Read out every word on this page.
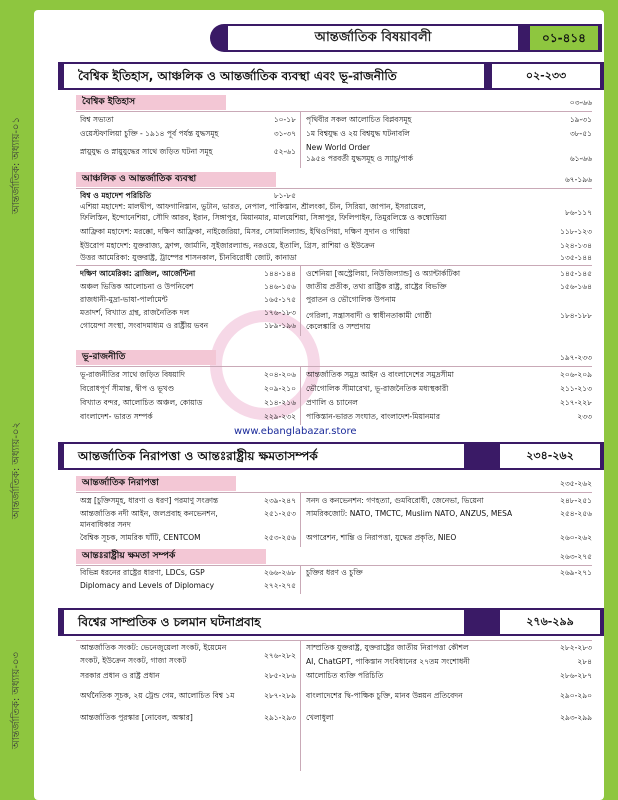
আন্তর্জাতিক: অধ্যায়-০১
আন্তর্জাতিক: অধ্যায়-০২
আন্তর্জাতিক: অধ্যায়-০৩
আন্তর্জাতিক বিষয়াবলী	০১-৪১৪
www.ebanglabazar.store
বৈশ্বিক ইতিহাস, আঞ্চলিক ও আন্তর্জাতিক ব্যবস্থা এবং ভূ-রাজনীতি	০২-২৩৩
বৈশ্বিক ইতিহাস	০৩-৬৬
বিশ্ব সভ্যতা	১০-১৮
ওয়েস্টফালিয়া চুক্তি - ১৯১৪ পূর্ব পর্যন্ত যুদ্ধসমূহ	৩১-৩৭
স্নায়ুযুদ্ধ ও স্নায়ুযুদ্ধের সাথে জড়িত ঘটনা সমূহ	৫২-৬১
পৃথিবীর সকল আলোচিত বিপ্লবসমূহ	১৯-৩১
১ম বিশ্বযুদ্ধ ও ২য় বিশ্বযুদ্ধ ঘটনাবলি	৩৮-৫১
New World Order
১৯৫৪ পরবর্তী যুদ্ধসমূহ ও স্যাচু/পার্ক	৬১-৬৬
আঞ্চলিক ও আন্তর্জাতিক ব্যবস্থা	৬৭-১৯৬
বিশ্ব ও মহাদেশ পরিচিতি	৮১-৮৫
এশিয়া মহাদেশ: মালদ্বীপ, আফগানিস্তান, ভুটান, ভারত, নেপাল, পাকিস্তান, শ্রীলংকা, চীন, সিরিয়া, জাপান, ইসরায়েল,
ফিলিস্তিন, ইন্দোনেশিয়া, সৌদি আরব, ইরান, সিঙ্গাপুর, মিয়ানমার, মালয়েশিয়া, সিঙ্গাপুর, ফিলিপাইন, তিমুরলিস্তে ও কম্বোডিয়া
৮৬-১১৭
আফ্রিকা মহাদেশ: মরক্কো, দক্ষিণ আফ্রিকা, নাইজেরিয়া, মিসর, সোমালিল্যান্ড, ইথিওপিয়া, দক্ষিণ সুদান ও গাম্বিয়া	১১৮-১২৩
ইউরোপ মহাদেশ: যুক্তরাজ্য, ফ্রান্স, জার্মানি, সুইজারল্যান্ড, নরওয়ে, ইতালি, গ্রিস, রাশিয়া ও ইউক্রেন	১২৪-১৩৪
উত্তর আমেরিকা: যুক্তরাষ্ট্র, ট্রাম্পের শাসনকাল, চীনবিরোধী জোট, কানাডা	১৩৫-১৪৪
দক্ষিণ আমেরিকা: ব্রাজিল, আর্জেন্টিনা	১৪৪-১৪৪
অঞ্চল ভিত্তিক আলোচনা ও উপনিবেশ	১৪৬-১৫৬
রাজধানী-মুদ্রা-ভাষা-পার্লামেন্ট	১৬৫-১৭৫
মতাদর্শ, বিখ্যাত গ্রন্থ, রাজনৈতিক দল	১৭৬-১৮৩
গোয়েন্দা সংস্থা, সংবাদমাধ্যম ও রাষ্ট্রীয় ভবন	১৮৯-১৯৬
ওশেনিয়া [অস্ট্রেলিয়া, নিউজিল্যান্ড] ও অ্যান্টার্কটিকা	১৪৫-১৪৫
জাতীয় প্রতীক, তথ্য রাষ্ট্রিক রাষ্ট্র, রাষ্ট্রের বিভক্তি	১৫৬-১৬৪
পুরাতন ও ভৌগোলিক উপনাম
গেরিলা, সন্ত্রাসবাদী ও স্বাধীনতাকামী গোষ্ঠী	১৮৪-১৮৮
কেলেঙ্কারি ও সম্প্রদায়
ভূ-রাজনীতি	১৯৭-২৩৩
ভূ-রাজনীতির সাথে জড়িত বিষয়াদি	২০৪-২০৬
বিরোধপূর্ণ সীমান্ত, দ্বীপ ও ভূখণ্ড	২০৯-২১০
বিখ্যাত বন্দর, আলোচিত অঞ্চল, কোয়াড	২১৪-২১৬
বাংলাদেশ- ভারত সম্পর্ক	২২৯-২৩২
আন্তর্জাতিক সমুদ্র আইন ও বাংলাদেশের সমুদ্রসীমা	২০৬-২০৯
ভৌগোলিক সীমারেখা, ভূ-রাজনৈতিক মধ্যস্থকারী	২১১-২১৩
প্রণালি ও চ্যানেল	২১৭-২২৮
পাকিস্তান-ভারত সংঘাত, বাংলাদেশ-মিয়ানমার	২৩৩
আন্তর্জাতিক নিরাপত্তা ও আন্তঃরাষ্ট্রীয় ক্ষমতাসম্পর্ক	২৩৪-২৬২
আন্তর্জাতিক নিরাপত্তা	২৩৫-২৬২
অস্ত্র [চুক্তিসমূহ, ধারণা ও ধরণ] পরমাণু সংক্রান্ত	২৩৯-২৪৭
আন্তর্জাতিক নদী আইন, জলপ্রবাহ কনভেনশন,	২৫১-২৫৩
মানবাধিকার সনদ
বৈশ্বিক সূচক, সামরিক ঘাঁটি, CENTCOM	২৫৩-২৫৬
সনদ ও কনভেনশন: গণহত্যা, গুমবিরোধী, জেনেভা, ভিয়েনা	২৪৮-২৫১
সামরিকজোট: NATO, TMCTC, Muslim NATO, ANZUS, MESA	২৫৪-২৫৬
অপারেশন, শান্তি ও নিরাপত্তা, যুদ্ধের প্রকৃতি, NIEO	২৬০-২৬২
আন্তঃরাষ্ট্রীয় ক্ষমতা সম্পর্ক	২৬৩-২৭৫
বিভিন্ন ধরনের রাষ্ট্রের ধারণা, LDCs, GSP	২৬৬-২৬৮
Diplomacy and Levels of Diplomacy	২৭২-২৭৫
চুক্তির ধরণ ও চুক্তি	২৬৯-২৭১
বিশ্বের সাম্প্রতিক ও চলমান ঘটনাপ্রবাহ	২৭৬-২৯৯
আন্তর্জাতিক সংকট: ভেনেজুয়েলা সংকট, ইয়েমেন
সংকট, ইউক্রেন সংকট, গাজা সংকট
২৭৬-২৮২
সরকার প্রধান ও রাষ্ট্র প্রধান	২৮৫-২৮৬
অর্থনৈতিক সূচক, ২য় ট্রেন্ড গেম, আলোচিত বিশ্ব ১ম	২৮৭-২৮৯
আন্তর্জাতিক পুরস্কার [নোবেল, অস্কার]	২৯১-২৯৩
সাম্প্রতিক যুক্তরাষ্ট্র, যুক্তরাষ্ট্রের জাতীয় নিরাপত্তা কৌশল	২৮২-২৮৩
AI, ChatGPT, পাকিস্তান সংবিধানের ২৭তম সংশোধনী	২৮৪
আলোচিত ব্যক্তি পরিচিতি	২৮৬-২৮৭
বাংলাদেশের দ্বি-পাক্ষিক চুক্তি, মানব উন্নয়ন প্রতিবেদন	২৯০-২৯০
খেলাধুলা	২৯৩-২৯৯
